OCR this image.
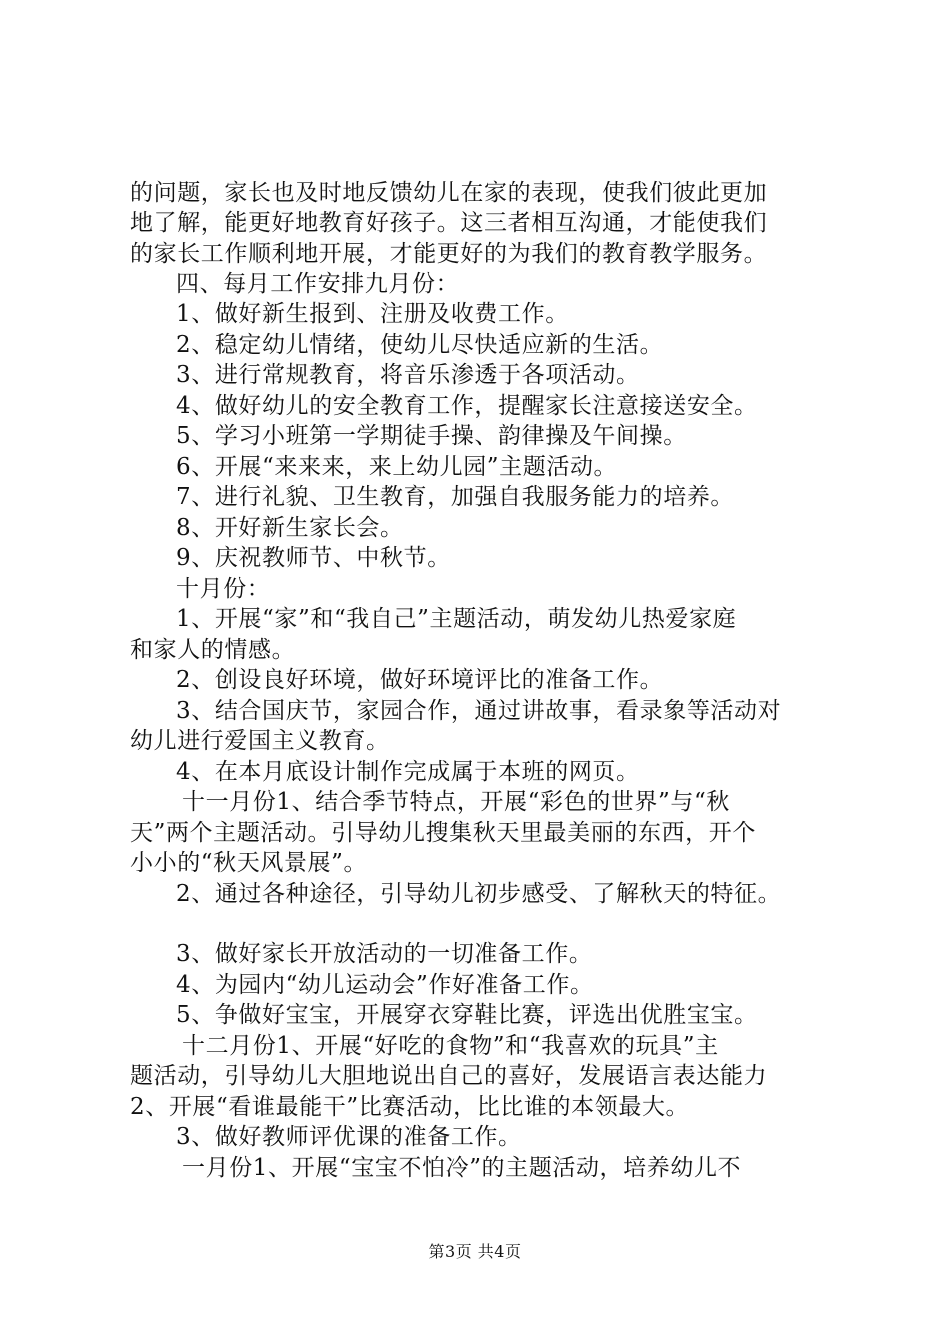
的问题，家长也及时地反馈幼儿在家的表现，使我们彼此更加
地了解，能更好地教育好孩子。这三者相互沟通，才能使我们
的家长工作顺利地开展，才能更好的为我们的教育教学服务。
四、每月工作安排九月份：
1、做好新生报到、注册及收费工作。
2、稳定幼儿情绪，使幼儿尽快适应新的生活。
3、进行常规教育，将音乐渗透于各项活动。
4、做好幼儿的安全教育工作，提醒家长注意接送安全。
5、学习小班第一学期徒手操、韵律操及午间操。
6、开展“来来来，来上幼儿园”主题活动。
7、进行礼貌、卫生教育，加强自我服务能力的培养。
8、开好新生家长会。
9、庆祝教师节、中秋节。
十月份：
1、开展“家”和“我自己”主题活动，萌发幼儿热爱家庭
和家人的情感。
2、创设良好环境，做好环境评比的准备工作。
3、结合国庆节，家园合作，通过讲故事，看录象等活动对
幼儿进行爱国主义教育。
4、在本月底设计制作完成属于本班的网页。
十一月份1、结合季节特点，开展“彩色的世界”与“秋
天”两个主题活动。引导幼儿搜集秋天里最美丽的东西，开个
小小的“秋天风景展”。
2、通过各种途径，引导幼儿初步感受、了解秋天的特征。
3、做好家长开放活动的一切准备工作。
4、为园内“幼儿运动会”作好准备工作。
5、争做好宝宝，开展穿衣穿鞋比赛，评选出优胜宝宝。
十二月份1、开展“好吃的食物”和“我喜欢的玩具”主
题活动，引导幼儿大胆地说出自己的喜好，发展语言表达能力
2、开展“看谁最能干”比赛活动，比比谁的本领最大。
3、做好教师评优课的准备工作。
一月份1、开展“宝宝不怕冷”的主题活动，培养幼儿不
第3页 共4页
